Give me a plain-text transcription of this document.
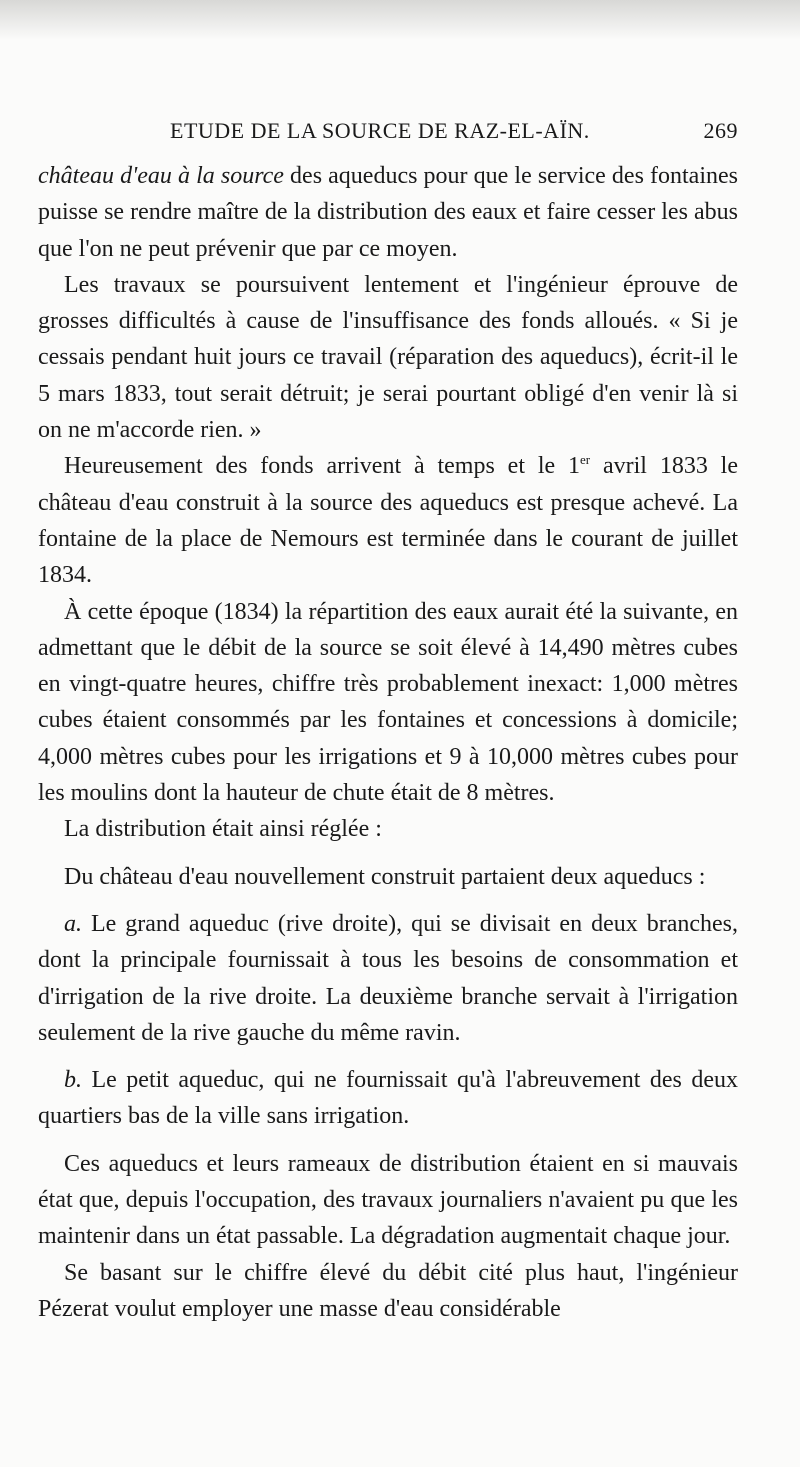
ETUDE DE LA SOURCE DE RAZ-EL-AÏN.	269

château d'eau à la source des aqueducs pour que le service des fontaines puisse se rendre maître de la distribution des eaux et faire cesser les abus que l'on ne peut prévenir que par ce moyen.

Les travaux se poursuivent lentement et l'ingénieur éprouve de grosses difficultés à cause de l'insuffisance des fonds alloués. « Si je cessais pendant huit jours ce travail (réparation des aqueducs), écrit-il le 5 mars 1833, tout serait détruit; je serai pourtant obligé d'en venir là si on ne m'accorde rien. »

Heureusement des fonds arrivent à temps et le 1er avril 1833 le château d'eau construit à la source des aqueducs est presque achevé. La fontaine de la place de Nemours est terminée dans le courant de juillet 1834.

À cette époque (1834) la répartition des eaux aurait été la suivante, en admettant que le débit de la source se soit élevé à 14,490 mètres cubes en vingt-quatre heures, chiffre très probablement inexact: 1,000 mètres cubes étaient consommés par les fontaines et concessions à domicile; 4,000 mètres cubes pour les irrigations et 9 à 10,000 mètres cubes pour les moulins dont la hauteur de chute était de 8 mètres.

La distribution était ainsi réglée :

Du château d'eau nouvellement construit partaient deux aqueducs :

a. Le grand aqueduc (rive droite), qui se divisait en deux branches, dont la principale fournissait à tous les besoins de consommation et d'irrigation de la rive droite. La deuxième branche servait à l'irrigation seulement de la rive gauche du même ravin.

b. Le petit aqueduc, qui ne fournissait qu'à l'abreuvement des deux quartiers bas de la ville sans irrigation.

Ces aqueducs et leurs rameaux de distribution étaient en si mauvais état que, depuis l'occupation, des travaux journaliers n'avaient pu que les maintenir dans un état passable. La dégradation augmentait chaque jour.

Se basant sur le chiffre élevé du débit cité plus haut, l'ingénieur Pézerat voulut employer une masse d'eau considérable
